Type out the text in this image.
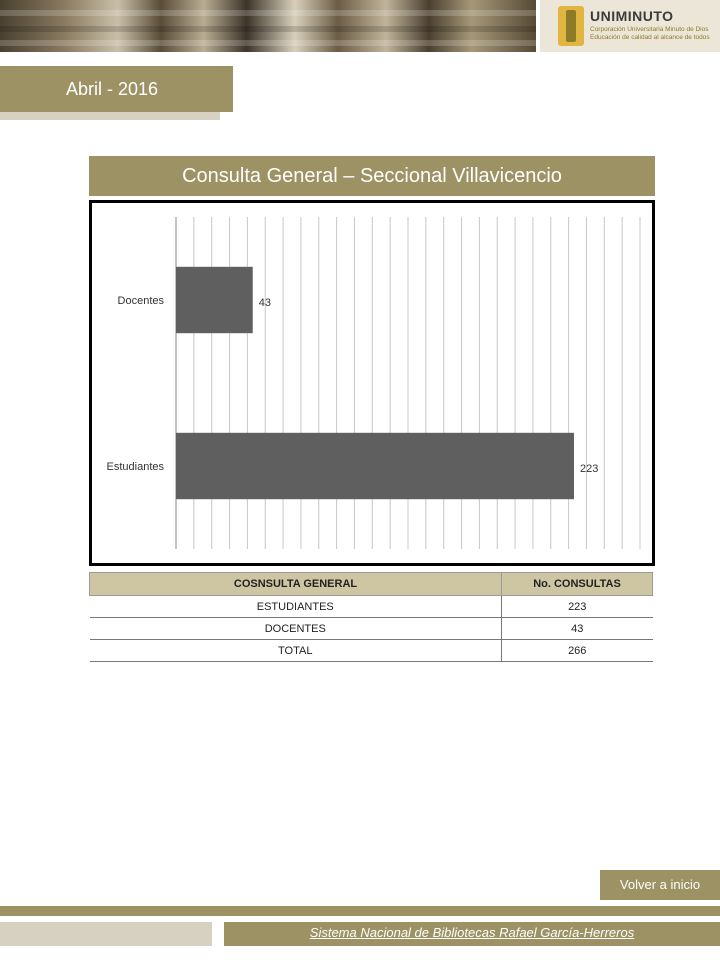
UNIMINUTO
Corporación Universitaria Minuto de Dios
Educación de calidad al alcance de todos
Abril - 2016
Consulta General – Seccional Villavicencio
Docentes	43
Estudiantes	223
COSNSULTA GENERAL	No. CONSULTAS
ESTUDIANTES	223
DOCENTES	43
TOTAL	266
Volver a inicio
Sistema Nacional de Bibliotecas Rafael García-Herreros
